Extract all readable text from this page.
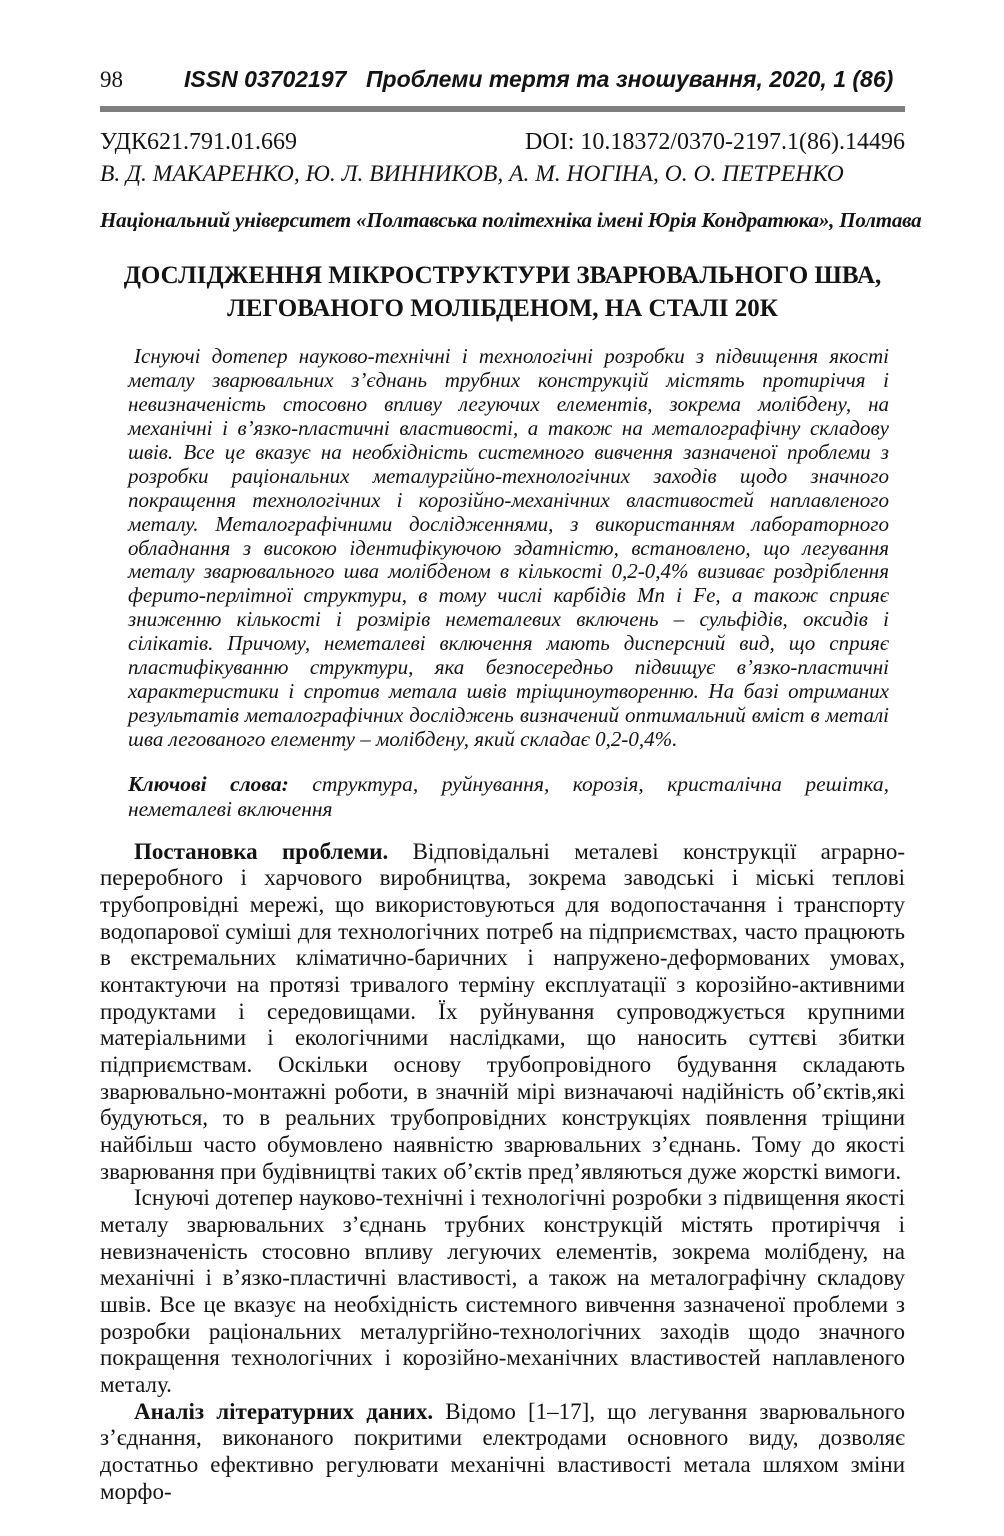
98	ISSN 03702197 Проблеми тертя та зношування, 2020, 1 (86)
УДК621.791.01.669	DOI: 10.18372/0370-2197.1(86).14496
В. Д. МАКАРЕНКО, Ю. Л. ВИННИКОВ, А. М. НОГІНА, О. О. ПЕТРЕНКО
Національний університет «Полтавська політехніка імені Юрія Кондратюка», Полтава
ДОСЛІДЖЕННЯ МІКРОСТРУКТУРИ ЗВАРЮВАЛЬНОГО ШВА,
ЛЕГОВАНОГО МОЛІБДЕНОМ, НА СТАЛІ 20К
Існуючі дотепер науково-технічні і технологічні розробки з підвищення якості металу зварювальних з’єднань трубних конструкцій містять протиріччя і невизначеність стосовно впливу легуючих елементів, зокрема молібдену, на механічні і в’язко-пластичні властивості, а також на металографічну складову швів. Все це вказує на необхідність системного вивчення зазначеної проблеми з розробки раціональних металургійно-технологічних заходів щодо значного покращення технологічних і корозійно-механічних властивостей наплавленого металу. Металографічними дослідженнями, з використанням лабораторного обладнання з високою ідентифікуючою здатністю, встановлено, що легування металу зварювального шва молібденом в кількості 0,2-0,4% визиває роздріблення ферито-перлітної структури, в тому числі карбідів Mn і Fe, а також сприяє зниженню кількості і розмірів неметалевих включень – сульфідів, оксидів і сілікатів. Причому, неметалеві включення мають дисперсний вид, що сприяє пластифікуванню структури, яка безпосередньо підвищує в’язко-пластичні характеристики і спротив метала швів тріщиноутворенню. На базі отриманих результатів металографічних досліджень визначений оптимальний вміст в металі шва легованого елементу – молібдену, який складає 0,2-0,4%.
Ключові слова: структура, руйнування, корозія, кристалічна решітка, неметалеві включення

Постановка проблеми. Відповідальні металеві конструкції аграрно-переробного і харчового виробництва, зокрема заводські і міські теплові трубопровідні мережі, що використовуються для водопостачання і транспорту водопарової суміші для технологічних потреб на підприємствах, часто працюють в екстремальних кліматично-баричних і напружено-деформованих умовах, контактуючи на протязі тривалого терміну експлуатації з корозійно-активними продуктами і середовищами. Їх руйнування супроводжується крупними матеріальними і екологічними наслідками, що наносить суттєві збитки підприємствам. Оскільки основу трубопровідного будування складають зварювально-монтажні роботи, в значній мірі визначаючі надійність об’єктів,які будуються, то в реальних трубопровідних конструкціях появлення тріщини найбільш часто обумовлено наявністю зварювальних з’єднань. Тому до якості зварювання при будівництві таких об’єктів пред’являються дуже жорсткі вимоги.

Існуючі дотепер науково-технічні і технологічні розробки з підвищення якості металу зварювальних з’єднань трубних конструкцій містять протиріччя і невизначеність стосовно впливу легуючих елементів, зокрема молібдену, на механічні і в’язко-пластичні властивості, а також на металографічну складову швів. Все це вказує на необхідність системного вивчення зазначеної проблеми з розробки раціональних металургійно-технологічних заходів щодо значного покращення технологічних і корозійно-механічних властивостей наплавленого металу.

Аналіз літературних даних. Відомо [1–17], що легування зварювального з’єднання, виконаного покритими електродами основного виду, дозволяє достатньо ефективно регулювати механічні властивості метала шляхом зміни морфо-
